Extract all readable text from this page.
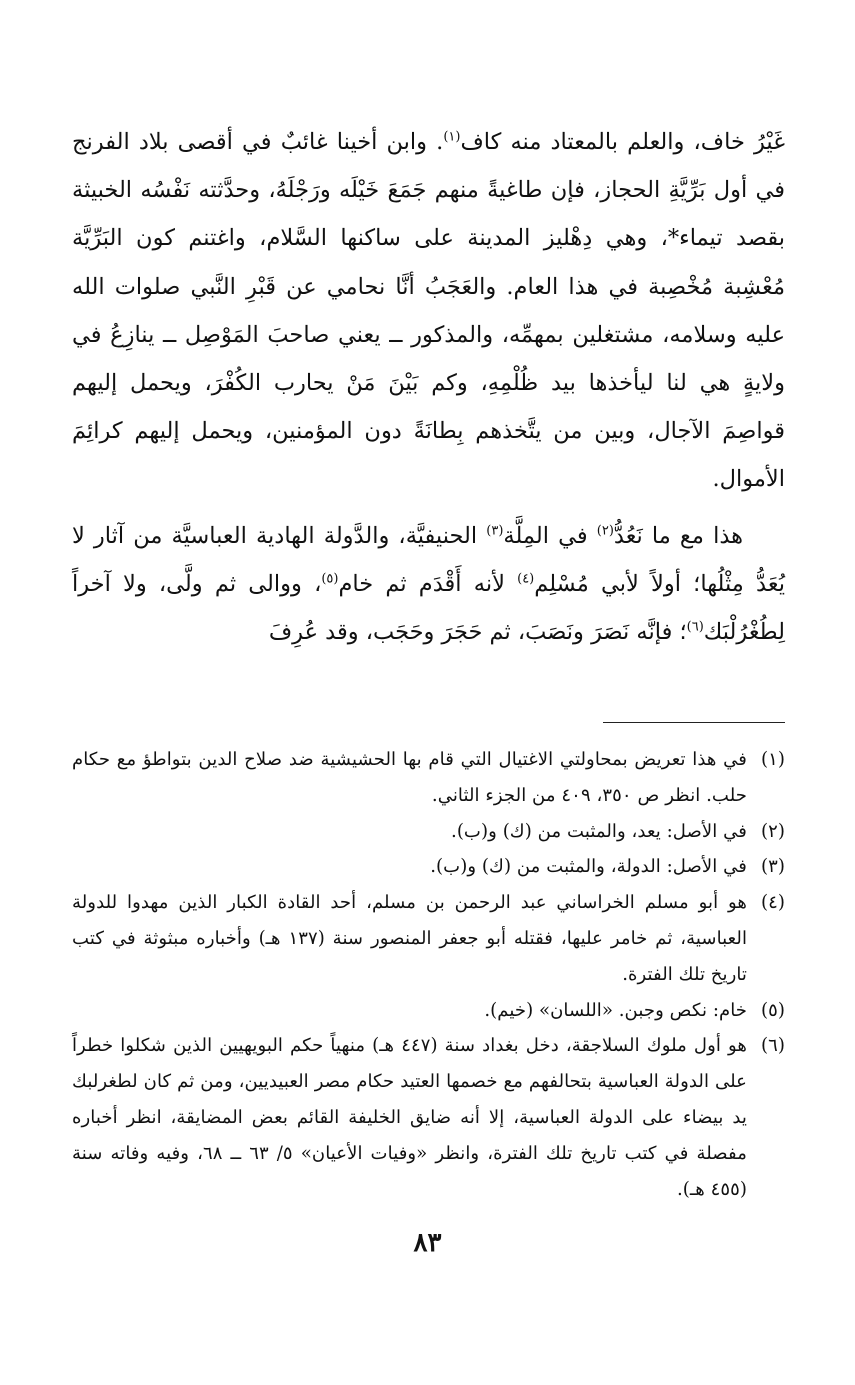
غَيْرُ خاف، والعلم بالمعتاد منه كاف$^{(١)}$. وابن أخينا غائبٌ في أقصى بلاد الفرنج في أول بَرِّيَّةِ الحجاز، فإن طاغيةً منهم جَمَعَ خَيْلَه ورَجْلَهُ، وحدَّثته نَفْسُه الخبيثة بقصد تيماء*، وهي دِهْليز المدينة على ساكنها السَّلام، واغتنم كون البَرِّيَّة مُعْشِبة مُخْصِبة في هذا العام. والعَجَبُ أنَّا نحامي عن قَبْرِ النَّبي صلوات الله عليه وسلامه، مشتغلين بمهمِّه، والمذكور ــ يعني صاحبَ المَوْصِل ــ ينازِعُ في ولايةٍ هي لنا ليأخذها بيد ظُلْمِهِ، وكم بَيْنَ مَنْ يحارب الكُفْرَ، ويحمل إليهم قواصِمَ الآجال، وبين من يتَّخذهم بِطانَةً دون المؤمنين، ويحمل إليهم كرائِمَ الأموال.

هذا مع ما نَعُدُّ$^{(٢)}$ في المِلَّة$^{(٣)}$ الحنيفيَّة، والدَّولة الهادية العباسيَّة من آثار لا يُعَدُّ مِثْلُها؛ أولاً لأبي مُسْلِم$^{(٤)}$ لأنه أَقْدَم ثم خام$^{(٥)}$، ووالى ثم ولَّى، ولا آخراً لِطُغْرُلْبَك$^{(٦)}$؛ فإنَّه نَصَرَ ونَصَبَ، ثم حَجَرَ وحَجَب، وقد عُرِفَ

(١)
في هذا تعريض بمحاولتي الاغتيال التي قام بها الحشيشية ضد صلاح الدين بتواطؤ مع حكام حلب. انظر ص ٣٥٠، ٤٠٩ من الجزء الثاني.
(٢)
في الأصل: يعد، والمثبت من (ك) و(ب).
(٣)
في الأصل: الدولة، والمثبت من (ك) و(ب).
(٤)
هو أبو مسلم الخراساني عبد الرحمن بن مسلم، أحد القادة الكبار الذين مهدوا للدولة العباسية، ثم خامر عليها، فقتله أبو جعفر المنصور سنة (١٣٧ هـ) وأخباره مبثوثة في كتب تاريخ تلك الفترة.
(٥)
خام: نكص وجبن. «اللسان» (خيم).
(٦)
هو أول ملوك السلاجقة، دخل بغداد سنة (٤٤٧ هـ) منهياً حكم البويهيين الذين شكلوا خطراً على الدولة العباسية بتحالفهم مع خصمها العتيد حكام مصر العبيديين، ومن ثم كان لطغرلبك يد بيضاء على الدولة العباسية، إلا أنه ضايق الخليفة القائم بعض المضايقة، انظر أخباره مفصلة في كتب تاريخ تلك الفترة، وانظر «وفيات الأعيان» ٥/ ٦٣ ــ ٦٨، وفيه وفاته سنة (٤٥٥ هـ).
٨٣
